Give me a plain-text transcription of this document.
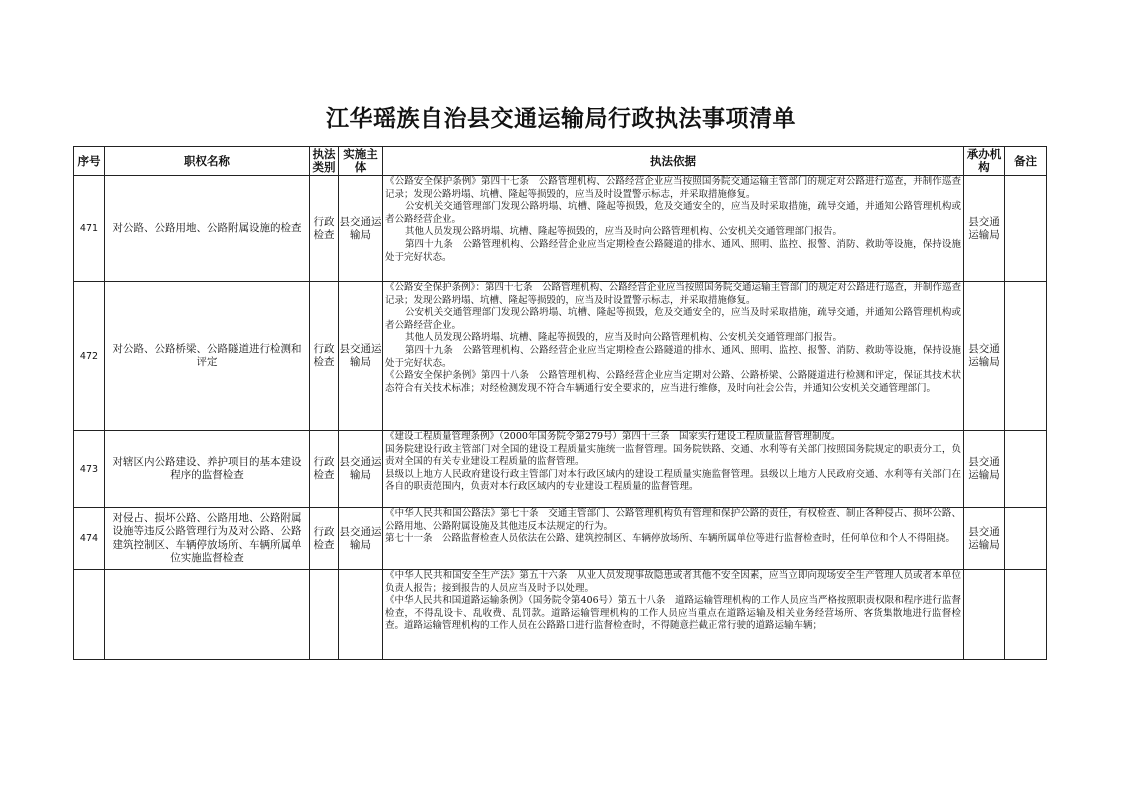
江华瑶族自治县交通运输局行政执法事项清单
序号	职权名称	执法类别	实施主体	执法依据	承办机构	备注
471	对公路、公路用地、公路附属设施的检查	行政检查	县交通运输局	《公路安全保护条例》第四十七条　公路管理机构、公路经营企业应当按照国务院交通运输主管部门的规定对公路进行巡查，并制作巡查记录；发现公路坍塌、坑槽、隆起等损毁的，应当及时设置警示标志，并采取措施修复。

公安机关交通管理部门发现公路坍塌、坑槽、隆起等损毁，危及交通安全的，应当及时采取措施，疏导交通，并通知公路管理机构或者公路经营企业。

其他人员发现公路坍塌、坑槽、隆起等损毁的，应当及时向公路管理机构、公安机关交通管理部门报告。

第四十九条　公路管理机构、公路经营企业应当定期检查公路隧道的排水、通风、照明、监控、报警、消防、救助等设施，保持设施处于完好状态。	县交通运输局	
472	对公路、公路桥梁、公路隧道进行检测和评定	行政检查	县交通运输局	《公路安全保护条例》：第四十七条　公路管理机构、公路经营企业应当按照国务院交通运输主管部门的规定对公路进行巡查，并制作巡查记录；发现公路坍塌、坑槽、隆起等损毁的，应当及时设置警示标志，并采取措施修复。

公安机关交通管理部门发现公路坍塌、坑槽、隆起等损毁，危及交通安全的，应当及时采取措施，疏导交通，并通知公路管理机构或者公路经营企业。

其他人员发现公路坍塌、坑槽、隆起等损毁的，应当及时向公路管理机构、公安机关交通管理部门报告。

第四十九条　公路管理机构、公路经营企业应当定期检查公路隧道的排水、通风、照明、监控、报警、消防、救助等设施，保持设施处于完好状态。

《公路安全保护条例》第四十八条　公路管理机构、公路经营企业应当定期对公路、公路桥梁、公路隧道进行检测和评定，保证其技术状态符合有关技术标准；对经检测发现不符合车辆通行安全要求的，应当进行维修，及时向社会公告，并通知公安机关交通管理部门。	县交通运输局	
473	对辖区内公路建设、养护项目的基本建设程序的监督检查	行政检查	县交通运输局	《建设工程质量管理条例》（2000年国务院令第279号）第四十三条　国家实行建设工程质量监督管理制度。

国务院建设行政主管部门对全国的建设工程质量实施统一监督管理。国务院铁路、交通、水利等有关部门按照国务院规定的职责分工，负责对全国的有关专业建设工程质量的监督管理。

县级以上地方人民政府建设行政主管部门对本行政区域内的建设工程质量实施监督管理。县级以上地方人民政府交通、水利等有关部门在各自的职责范围内，负责对本行政区域内的专业建设工程质量的监督管理。	县交通运输局	
474	对侵占、损坏公路、公路用地、公路附属设施等违反公路管理行为及对公路、公路建筑控制区、车辆停放场所、车辆所属单位实施监督检查	行政检查	县交通运输局	《中华人民共和国公路法》第七十条　交通主管部门、公路管理机构负有管理和保护公路的责任，有权检查、制止各种侵占、损坏公路、公路用地、公路附属设施及其他违反本法规定的行为。

第七十一条　公路监督检查人员依法在公路、建筑控制区、车辆停放场所、车辆所属单位等进行监督检查时，任何单位和个人不得阻挠。	县交通运输局	

				《中华人民共和国安全生产法》第五十六条　从业人员发现事故隐患或者其他不安全因素，应当立即向现场安全生产管理人员或者本单位负责人报告；接到报告的人员应当及时予以处理。

《中华人民共和国道路运输条例》（国务院令第406号）第五十八条　道路运输管理机构的工作人员应当严格按照职责权限和程序进行监督检查，不得乱设卡、乱收费、乱罚款。道路运输管理机构的工作人员应当重点在道路运输及相关业务经营场所、客货集散地进行监督检查。道路运输管理机构的工作人员在公路路口进行监督检查时，不得随意拦截正常行驶的道路运输车辆；		
